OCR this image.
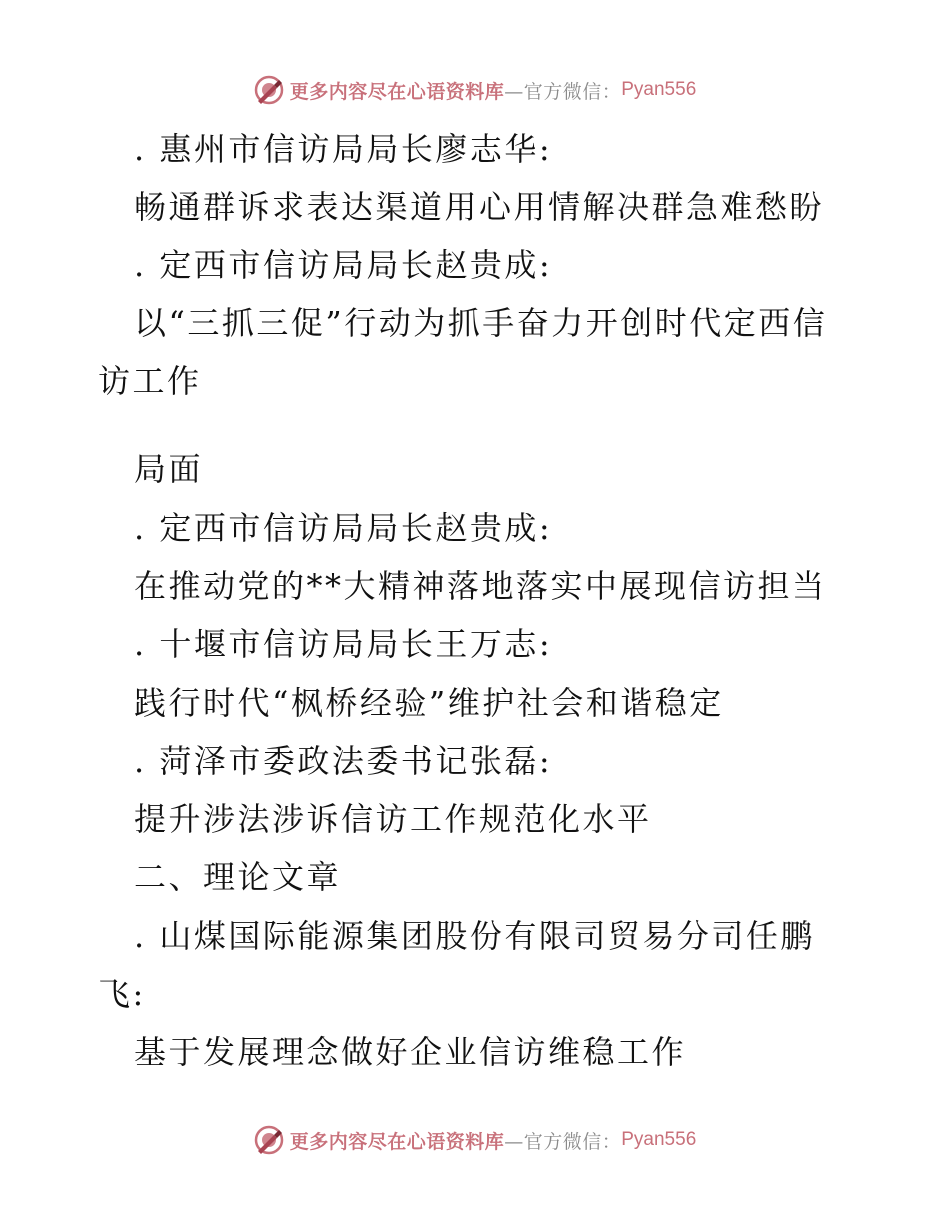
更多内容尽在心语资料库 —官方微信： Pyan556
. 惠州市信访局局长廖志华:
畅通群诉求表达渠道用心用情解决群急难愁盼
. 定西市信访局局长赵贵成:
以“三抓三促”行动为抓手奋力开创时代定西信
访工作
局面
. 定西市信访局局长赵贵成:
在推动党的**大精神落地落实中展现信访担当
. 十堰市信访局局长王万志:
践行时代“枫桥经验”维护社会和谐稳定
. 菏泽市委政法委书记张磊:
提升涉法涉诉信访工作规范化水平
二、理论文章
. 山煤国际能源集团股份有限司贸易分司任鹏
飞:
基于发展理念做好企业信访维稳工作
更多内容尽在心语资料库 —官方微信： Pyan556
